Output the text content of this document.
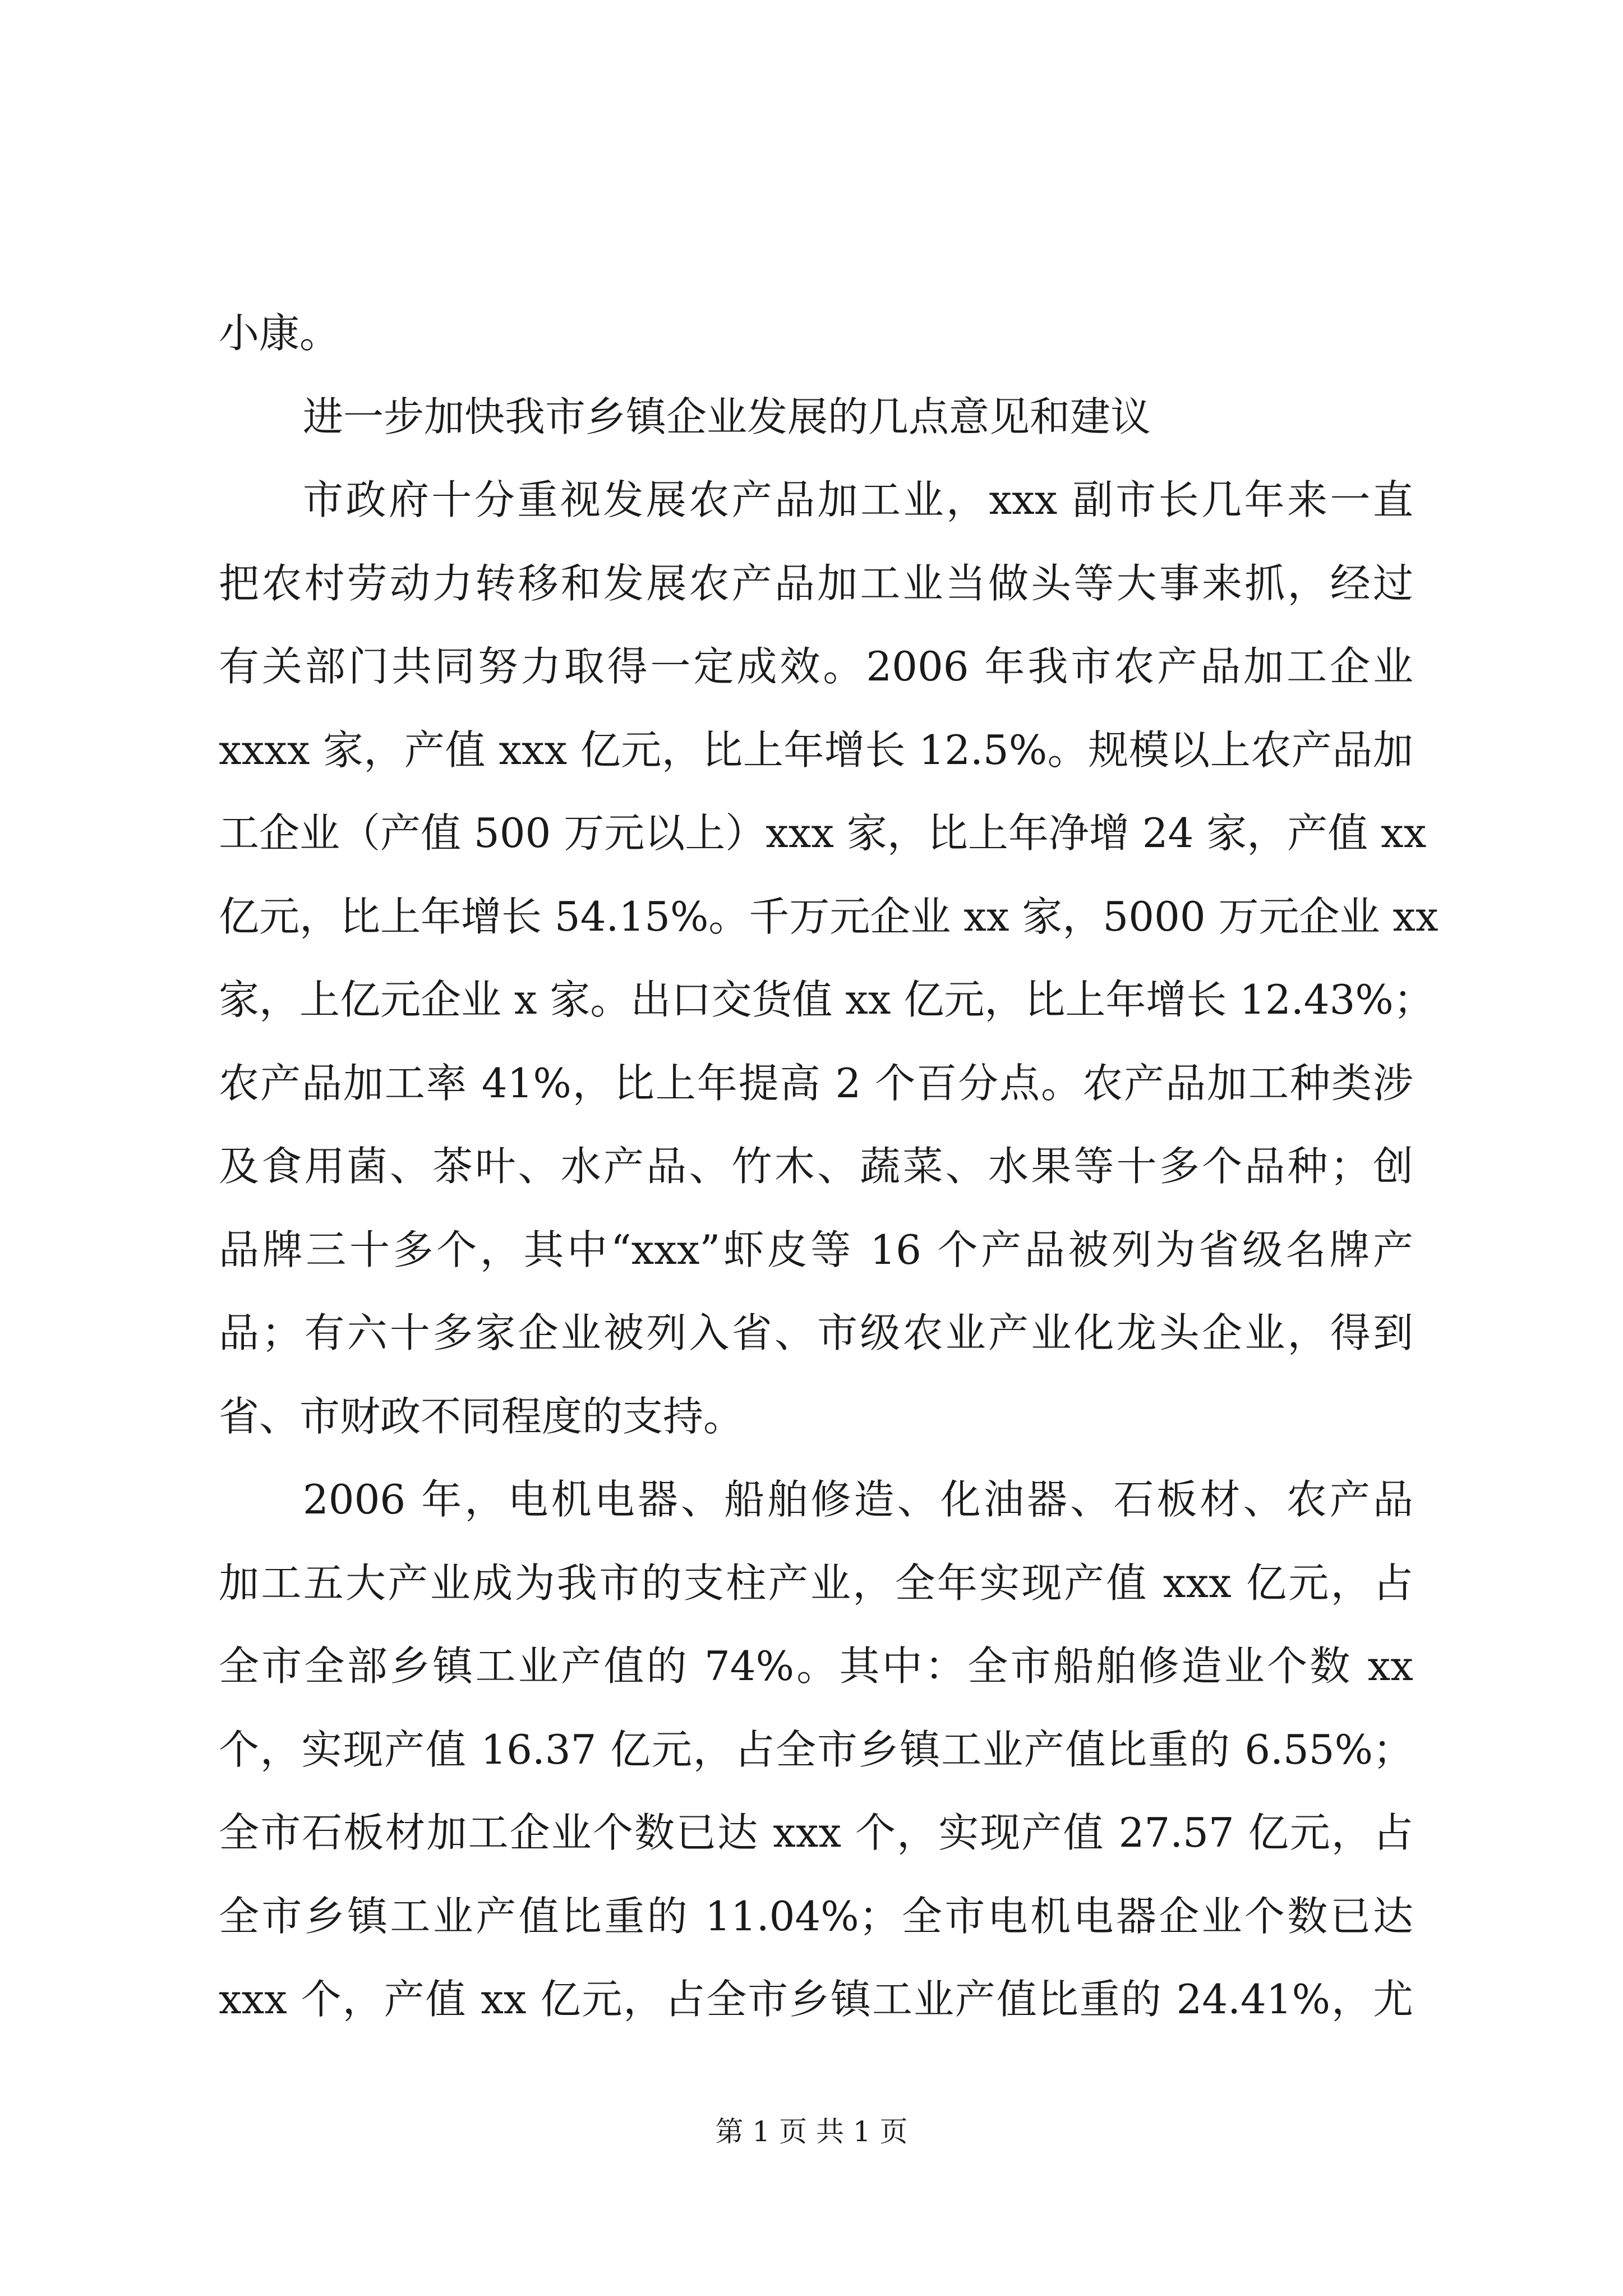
小康。
进一步加快我市乡镇企业发展的几点意见和建议
市政府十分重视发展农产品加工业，xxx 副市长几年来一直
把农村劳动力转移和发展农产品加工业当做头等大事来抓，经过
有关部门共同努力取得一定成效。2006 年我市农产品加工企业
xxxx 家，产值 xxx 亿元，比上年增长 12.5%。规模以上农产品加
工企业（产值 500 万元以上）xxx 家，比上年净增 24 家，产值 xx
亿元，比上年增长 54.15%。千万元企业 xx 家，5000 万元企业 xx
家，上亿元企业 x 家。出口交货值 xx 亿元，比上年增长 12.43%；
农产品加工率 41%，比上年提高 2 个百分点。农产品加工种类涉
及食用菌、茶叶、水产品、竹木、蔬菜、水果等十多个品种；创
品牌三十多个，其中“xxx”虾皮等 16 个产品被列为省级名牌产
品；有六十多家企业被列入省、市级农业产业化龙头企业，得到
省、市财政不同程度的支持。
2006 年，电机电器、船舶修造、化油器、石板材、农产品
加工五大产业成为我市的支柱产业，全年实现产值 xxx 亿元，占
全市全部乡镇工业产值的 74%。其中：全市船舶修造业个数 xx
个，实现产值 16.37 亿元，占全市乡镇工业产值比重的 6.55%；
全市石板材加工企业个数已达 xxx 个，实现产值 27.57 亿元，占
全市乡镇工业产值比重的 11.04%；全市电机电器企业个数已达
xxx 个，产值 xx 亿元，占全市乡镇工业产值比重的 24.41%，尤
第 1 页 共 1 页
